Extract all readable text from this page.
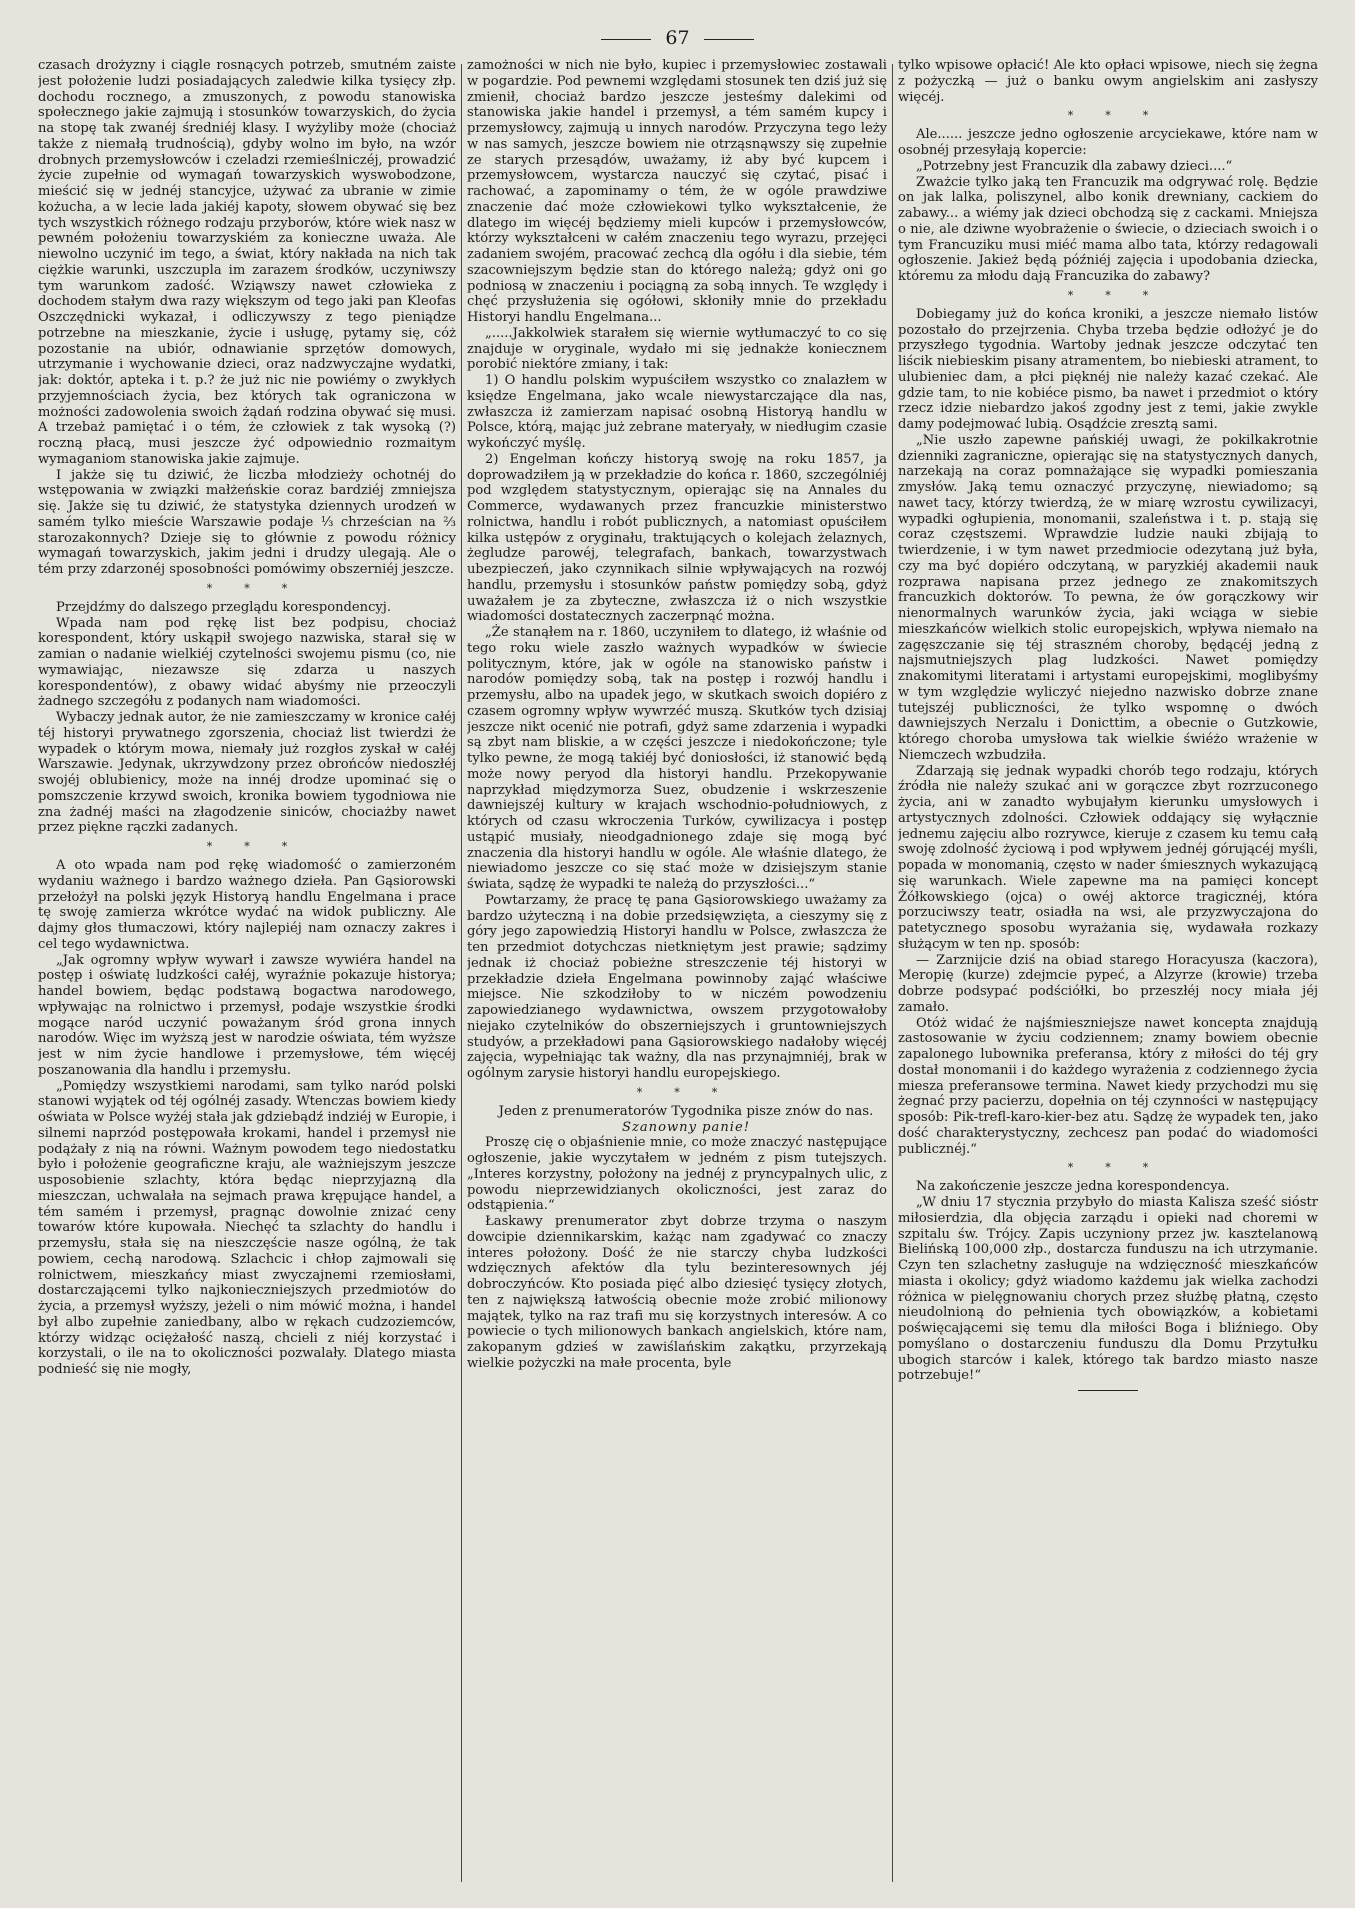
67

czasach drożyzny i ciągle rosnących potrzeb, smutném zaiste jest położenie ludzi posiadających zaledwie kilka tysięcy złp. dochodu rocznego, a zmuszonych, z powodu stanowiska społecznego jakie zajmują i stosunków towarzyskich, do życia na stopę tak zwanéj średniéj klasy. I wyżyliby może (chociaż także z niemałą trudnością), gdyby wolno im było, na wzór drobnych przemysłowców i czeladzi rzemieślniczéj, prowadzić życie zupełnie od wymagań towarzyskich wyswobodzone, mieścić się w jednéj stancyjce, używać za ubranie w zimie kożucha, a w lecie lada jakiéj kapoty, słowem obywać się bez tych wszystkich różnego rodzaju przyborów, które wiek nasz w pewném położeniu towarzyskiém za konieczne uważa. Ale niewolno uczynić im tego, a świat, który nakłada na nich tak ciężkie warunki, uszczupla im zarazem środków, uczyniwszy tym warunkom zadość. Wziąwszy nawet człowieka z dochodem stałym dwa razy większym od tego jaki pan Kleofas Oszczędnicki wykazał, i odliczywszy z tego pieniądze potrzebne na mieszkanie, życie i usługę, pytamy się, cóż pozostanie na ubiór, odnawianie sprzętów domowych, utrzymanie i wychowanie dzieci, oraz nadzwyczajne wydatki, jak: doktór, apteka i t. p.? że już nic nie powiémy o zwykłych przyjemnościach życia, bez których tak ograniczona w możności zadowolenia swoich żądań rodzina obywać się musi. A trzebaż pamiętać i o tém, że człowiek z tak wysoką (?) roczną płacą, musi jeszcze żyć odpowiednio rozmaitym wymaganiom stanowiska jakie zajmuje.

I jakże się tu dziwić, że liczba młodzieży ochotnéj do wstępowania w związki małżeńskie coraz bardziéj zmniejsza się. Jakże się tu dziwić, że statystyka dziennych urodzeń w samém tylko mieście Warszawie podaje ⅓ chrześcian na ⅔ starozakonnych? Dzieje się to głównie z powodu różnicy wymagań towarzyskich, jakim jedni i drudzy ulegają. Ale o tém przy zdarzonéj sposobności pomówimy obszerniéj jeszcze.

***

Przejdźmy do dalszego przeglądu korespondencyj.

Wpada nam pod rękę list bez podpisu, chociaż korespondent, który uskąpił swojego nazwiska, starał się w zamian o nadanie wielkiéj czytelności swojemu pismu (co, nie wymawiając, niezawsze się zdarza u naszych korespondentów), z obawy widać abyśmy nie przeoczyli żadnego szczegółu z podanych nam wiadomości.

Wybaczy jednak autor, że nie zamieszczamy w kronice całéj téj historyi prywatnego zgorszenia, chociaż list twierdzi że wypadek o którym mowa, niemały już rozgłos zyskał w całéj Warszawie. Jedynak, ukrzywdzony przez obrońców niedoszłéj swojéj oblubienicy, może na innéj drodze upominać się o pomszczenie krzywd swoich, kronika bowiem tygodniowa nie zna żadnéj maści na złagodzenie siniców, chociażby nawet przez piękne rączki zadanych.

***

A oto wpada nam pod rękę wiadomość o zamierzoném wydaniu ważnego i bardzo ważnego dzieła. Pan Gąsiorowski przełożył na polski język Historyą handlu Engelmana i prace tę swoję zamierza wkrótce wydać na widok publiczny. Ale dajmy głos tłumaczowi, który najlepiéj nam oznaczy zakres i cel tego wydawnictwa.

„Jak ogromny wpływ wywarł i zawsze wywiéra handel na postęp i oświatę ludzkości całéj, wyraźnie pokazuje historya; handel bowiem, będąc podstawą bogactwa narodowego, wpływając na rolnictwo i przemysł, podaje wszystkie środki mogące naród uczynić poważanym śród grona innych narodów. Więc im wyższą jest w narodzie oświata, tém wyższe jest w nim życie handlowe i przemysłowe, tém więcéj poszanowania dla handlu i przemysłu.

„Pomiędzy wszystkiemi narodami, sam tylko naród polski stanowi wyjątek od téj ogólnéj zasady. Wtenczas bowiem kiedy oświata w Polsce wyżéj stała jak gdziebądź indziéj w Europie, i silnemi naprzód postępowała krokami, handel i przemysł nie podążały z nią na równi. Ważnym powodem tego niedostatku było i położenie geograficzne kraju, ale ważniejszym jeszcze usposobienie szlachty, która będąc nieprzyjazną dla mieszczan, uchwalała na sejmach prawa krępujące handel, a tém samém i przemysł, pragnąc dowolnie znizać ceny towarów które kupowała. Niechęć ta szlachty do handlu i przemysłu, stała się na nieszczęście nasze ogólną, że tak powiem, cechą narodową. Szlachcic i chłop zajmowali się rolnictwem, mieszkańcy miast zwyczajnemi rzemiosłami, dostarczającemi tylko najkonieczniejszych przedmiotów do życia, a przemysł wyższy, jeżeli o nim mówić można, i handel był albo zupełnie zaniedbany, albo w rękach cudzoziemców, którzy widząc ociężałość naszą, chcieli z niéj korzystać i korzystali, o ile na to okoliczności pozwalały. Dlatego miasta podnieść się nie mogły,

zamożności w nich nie było, kupiec i przemysłowiec zostawali w pogardzie. Pod pewnemi względami stosunek ten dziś już się zmienił, chociaż bardzo jeszcze jesteśmy dalekimi od stanowiska jakie handel i przemysł, a tém samém kupcy i przemysłowcy, zajmują u innych narodów. Przyczyna tego leży w nas samych, jeszcze bowiem nie otrząsnąwszy się zupełnie ze starych przesądów, uważamy, iż aby być kupcem i przemysłowcem, wystarcza nauczyć się czytać, pisać i rachować, a zapominamy o tém, że w ogóle prawdziwe znaczenie dać może człowiekowi tylko wykształcenie, że dlatego im więcéj będziemy mieli kupców i przemysłowców, którzy wykształceni w całém znaczeniu tego wyrazu, przejęci zadaniem swojém, pracować zechcą dla ogółu i dla siebie, tém szacowniejszym będzie stan do którego należą; gdyż oni go podniosą w znaczeniu i pociągną za sobą innych. Te względy i chęć przysłużenia się ogółowi, skłoniły mnie do przekładu Historyi handlu Engelmana...

„.....Jakkolwiek starałem się wiernie wytłumaczyć to co się znajduje w oryginale, wydało mi się jednakże koniecznem porobić niektóre zmiany, i tak:

1) O handlu polskim wypuściłem wszystko co znalazłem w księdze Engelmana, jako wcale niewystarczające dla nas, zwłaszcza iż zamierzam napisać osobną Historyą handlu w Polsce, którą, mając już zebrane materyały, w niedługim czasie wykończyć myślę.

2) Engelman kończy historyą swoję na roku 1857, ja doprowadziłem ją w przekładzie do końca r. 1860, szczególniéj pod względem statystycznym, opierając się na Annales du Commerce, wydawanych przez francuzkie ministerstwo rolnictwa, handlu i robót publicznych, a natomiast opuściłem kilka ustępów z oryginału, traktujących o kolejach żelaznych, żegludze parowéj, telegrafach, bankach, towarzystwach ubezpieczeń, jako czynnikach silnie wpływających na rozwój handlu, przemysłu i stosunków państw pomiędzy sobą, gdyż uważałem je za zbyteczne, zwłaszcza iż o nich wszystkie wiadomości dostatecznych zaczerpnąć można.

„Że stanąłem na r. 1860, uczyniłem to dlatego, iż właśnie od tego roku wiele zaszło ważnych wypadków w świecie politycznym, które, jak w ogóle na stanowisko państw i narodów pomiędzy sobą, tak na postęp i rozwój handlu i przemysłu, albo na upadek jego, w skutkach swoich dopiéro z czasem ogromny wpływ wywrzéć muszą. Skutków tych dzisiaj jeszcze nikt ocenić nie potrafi, gdyż same zdarzenia i wypadki są zbyt nam bliskie, a w części jeszcze i niedokończone; tyle tylko pewne, że mogą takiéj być doniosłości, iż stanowić będą może nowy peryod dla historyi handlu. Przekopywanie naprzykład międzymorza Suez, obudzenie i wskrzeszenie dawniejszéj kultury w krajach wschodnio-południowych, z których od czasu wkroczenia Turków, cywilizacya i postęp ustąpić musiały, nieodgadnionego zdaje się mogą być znaczenia dla historyi handlu w ogóle. Ale właśnie dlatego, że niewiadomo jeszcze co się stać może w dzisiejszym stanie świata, sądzę że wypadki te należą do przyszłości...“

Powtarzamy, że pracę tę pana Gąsiorowskiego uważamy za bardzo użyteczną i na dobie przedsięwzięta, a cieszymy się z góry jego zapowiedzią Historyi handlu w Polsce, zwłaszcza że ten przedmiot dotychczas nietkniętym jest prawie; sądzimy jednak iż chociaż pobieżne streszczenie téj historyi w przekładzie dzieła Engelmana powinnoby zająć właściwe miejsce. Nie szkodziłoby to w niczém powodzeniu zapowiedzianego wydawnictwa, owszem przygotowałoby niejako czytelników do obszerniejszych i gruntowniejszych studyów, a przekładowi pana Gąsiorowskiego nadałoby więcéj zajęcia, wypełniając tak ważny, dla nas przynajmniéj, brak w ogólnym zarysie historyi handlu europejskiego.

***

Jeden z prenumeratorów Tygodnika pisze znów do nas.

Szanowny panie!

Proszę cię o objaśnienie mnie, co może znaczyć następujące ogłoszenie, jakie wyczytałem w jedném z pism tutejszych. „Interes korzystny, położony na jednéj z pryncypalnych ulic, z powodu nieprzewidzianych okoliczności, jest zaraz do odstąpienia.“

Łaskawy prenumerator zbyt dobrze trzyma o naszym dowcipie dziennikarskim, każąc nam zgadywać co znaczy interes położony. Dość że nie starczy chyba ludzkości wdzięcznych afektów dla tylu bezinteresownych jéj dobroczyńców. Kto posiada pięć albo dziesięć tysięcy złotych, ten z największą łatwością obecnie może zrobić milionowy majątek, tylko na raz trafi mu się korzystnych interesów. A co powiecie o tych milionowych bankach angielskich, które nam, zakopanym gdzieś w zawiślańskim zakątku, przyrzekają wielkie pożyczki na małe procenta, byle

tylko wpisowe opłacić! Ale kto opłaci wpisowe, niech się żegna z pożyczką — już o banku owym angielskim ani zasłyszy więcéj.

***

Ale...... jeszcze jedno ogłoszenie arcyciekawe, które nam w osobnéj przesyłają kopercie:

„Potrzebny jest Francuzik dla zabawy dzieci....“

Zważcie tylko jaką ten Francuzik ma odgrywać rolę. Będzie on jak lalka, poliszynel, albo konik drewniany, cackiem do zabawy... a wiémy jak dzieci obchodzą się z cackami. Mniejsza o nie, ale dziwne wyobrażenie o świecie, o dzieciach swoich i o tym Francuziku musi miéć mama albo tata, którzy redagowali ogłoszenie. Jakież będą późniéj zajęcia i upodobania dziecka, któremu za młodu dają Francuzika do zabawy?

***

Dobiegamy już do końca kroniki, a jeszcze niemało listów pozostało do przejrzenia. Chyba trzeba będzie odłożyć je do przyszłego tygodnia. Wartoby jednak jeszcze odczytać ten liścik niebieskim pisany atramentem, bo niebieski atrament, to ulubieniec dam, a płci pięknéj nie należy kazać czekać. Ale gdzie tam, to nie kobiéce pismo, ba nawet i przedmiot o który rzecz idzie niebardzo jakoś zgodny jest z temi, jakie zwykle damy podejmować lubią. Osądźcie zresztą sami.

„Nie uszło zapewne pańskiéj uwagi, że pokilkakrotnie dzienniki zagraniczne, opierając się na statystycznych danych, narzekają na coraz pomnażające się wypadki pomieszania zmysłów. Jaką temu oznaczyć przyczynę, niewiadomo; są nawet tacy, którzy twierdzą, że w miarę wzrostu cywilizacyi, wypadki ogłupienia, monomanii, szaleństwa i t. p. stają się coraz częstszemi. Wprawdzie ludzie nauki zbijają to twierdzenie, i w tym nawet przedmiocie odezytaną już była, czy ma być dopiéro odczytaną, w paryzkiéj akademii nauk rozprawa napisana przez jednego ze znakomitszych francuzkich doktorów. To pewna, że ów gorączkowy wir nienormalnych warunków życia, jaki wciąga w siebie mieszkańców wielkich stolic europejskich, wpływa niemało na zagęszczanie się téj straszném choroby, będącéj jedną z najsmutniejszych plag ludzkości. Nawet pomiędzy znakomitymi literatami i artystami europejskimi, moglibyśmy w tym względzie wyliczyć niejedno nazwisko dobrze znane tutejszéj publiczności, że tylko wspomnę o dwóch dawniejszych Nerzalu i Donicttim, a obecnie o Gutzkowie, którego choroba umysłowa tak wielkie świéżo wrażenie w Niemczech wzbudziła.

Zdarzają się jednak wypadki chorób tego rodzaju, których źródła nie należy szukać ani w gorączce zbyt rozrzuconego życia, ani w zanadto wybujałym kierunku umysłowych i artystycznych zdolności. Człowiek oddający się wyłącznie jednemu zajęciu albo rozrywce, kieruje z czasem ku temu całą swoję zdolność życiową i pod wpływem jednéj górującéj myśli, popada w monomanią, często w nader śmiesznych wykazującą się warunkach. Wiele zapewne ma na pamięci koncept Żółkowskiego (ojca) o owéj aktorce tragicznéj, która porzuciwszy teatr, osiadła na wsi, ale przyzwyczajona do patetycznego sposobu wyrażania się, wydawała rozkazy służącym w ten np. sposób:

— Zarznijcie dziś na obiad starego Horacyusza (kaczora), Meropię (kurze) zdejmcie pypeć, a Alzyrze (krowie) trzeba dobrze podsypać podściółki, bo przeszłéj nocy miała jéj zamało.

Otóż widać że najśmieszniejsze nawet koncepta znajdują zastosowanie w życiu codziennem; znamy bowiem obecnie zapalonego lubownika preferansa, który z miłości do téj gry dostał monomanii i do każdego wyrażenia z codziennego życia miesza preferansowe termina. Nawet kiedy przychodzi mu się żegnać przy pacierzu, dopełnia on téj czynności w następujący sposób: Pik-trefl-karo-kier-bez atu. Sądzę że wypadek ten, jako dość charakterystyczny, zechcesz pan podać do wiadomości publicznéj.“

***

Na zakończenie jeszcze jedna korespondencya.

„W dniu 17 stycznia przybyło do miasta Kalisza sześć sióstr miłosierdzia, dla objęcia zarządu i opieki nad choremi w szpitalu św. Trójcy. Zapis uczyniony przez jw. kasztelanową Bielińską 100,000 złp., dostarcza funduszu na ich utrzymanie. Czyn ten szlachetny zasługuje na wdzięczność mieszkańców miasta i okolicy; gdyż wiadomo każdemu jak wielka zachodzi różnica w pielęgnowaniu chorych przez służbę płatną, często nieudolnioną do pełnienia tych obowiązków, a kobietami poświęcającemi się temu dla miłości Boga i bliźniego. Oby pomyślano o dostarczeniu funduszu dla Domu Przytułku ubogich starców i kalek, którego tak bardzo miasto nasze potrzebuje!“
